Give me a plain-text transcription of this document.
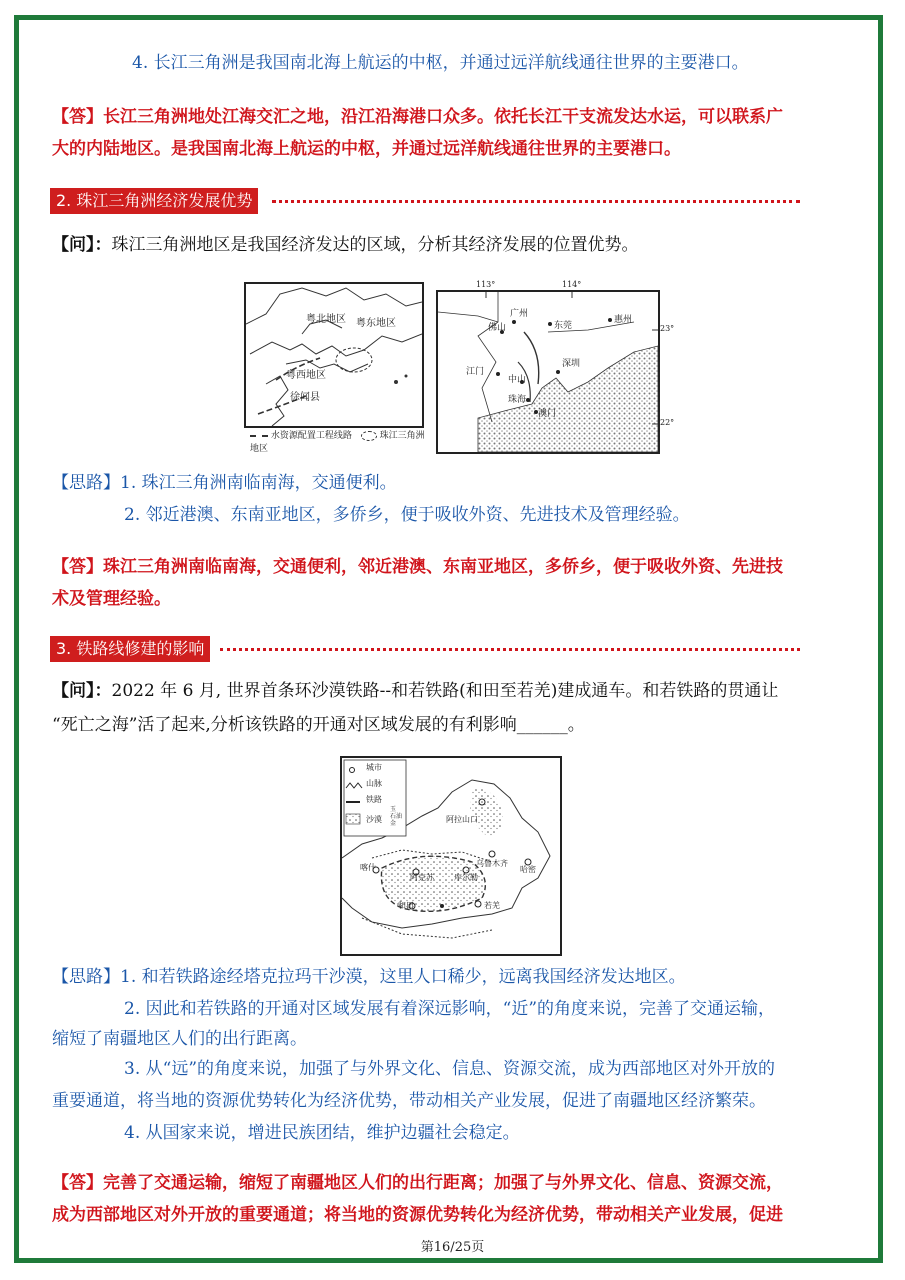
4. 长江三角洲是我国南北海上航运的中枢，并通过远洋航线通往世界的主要港口。
【答】长江三角洲地处江海交汇之地，沿江沿海港口众多。依托长江干支流发达水运，可以联系广
大的内陆地区。是我国南北海上航运的中枢，并通过远洋航线通往世界的主要港口。
2. 珠江三角洲经济发展优势
【问】：珠江三角洲地区是我国经济发达的区域，分析其经济发展的位置优势。
粤北地区 粤东地区
粤西地区
徐闻县
水资源配置工程线路	珠江三角洲地区
113°	114°
23°
22°
广州
佛山	东莞
惠州
江门
中山
深圳
珠海
澳门
【思路】1. 珠江三角洲南临南海，交通便利。
2. 邻近港澳、东南亚地区，多侨乡，便于吸收外资、先进技术及管理经验。
【答】珠江三角洲南临南海，交通便利，邻近港澳、东南亚地区，多侨乡，便于吸收外资、先进技
术及管理经验。
3. 铁路线修建的影响
【问】：2022 年 6 月, 世界首条环沙漠铁路--和若铁路(和田至若羌)建成通车。和若铁路的贯通让
“死亡之海”活了起来,分析该铁路的开通对区域发展的有利影响______。
城市
山脉
铁路
沙漠
玉
石油
金	阿拉山口
乌鲁木齐
哈密
喀什
阿克苏	库尔勒
和田	若羌
【思路】1. 和若铁路途经塔克拉玛干沙漠，这里人口稀少，远离我国经济发达地区。
2. 因此和若铁路的开通对区域发展有着深远影响，“近”的角度来说，完善了交通运输，
缩短了南疆地区人们的出行距离。
3. 从“远”的角度来说，加强了与外界文化、信息、资源交流，成为西部地区对外开放的
重要通道，将当地的资源优势转化为经济优势，带动相关产业发展，促进了南疆地区经济繁荣。
4. 从国家来说，增进民族团结，维护边疆社会稳定。
【答】完善了交通运输，缩短了南疆地区人们的出行距离；加强了与外界文化、信息、资源交流，
成为西部地区对外开放的重要通道；将当地的资源优势转化为经济优势，带动相关产业发展，促进
第16/25页
